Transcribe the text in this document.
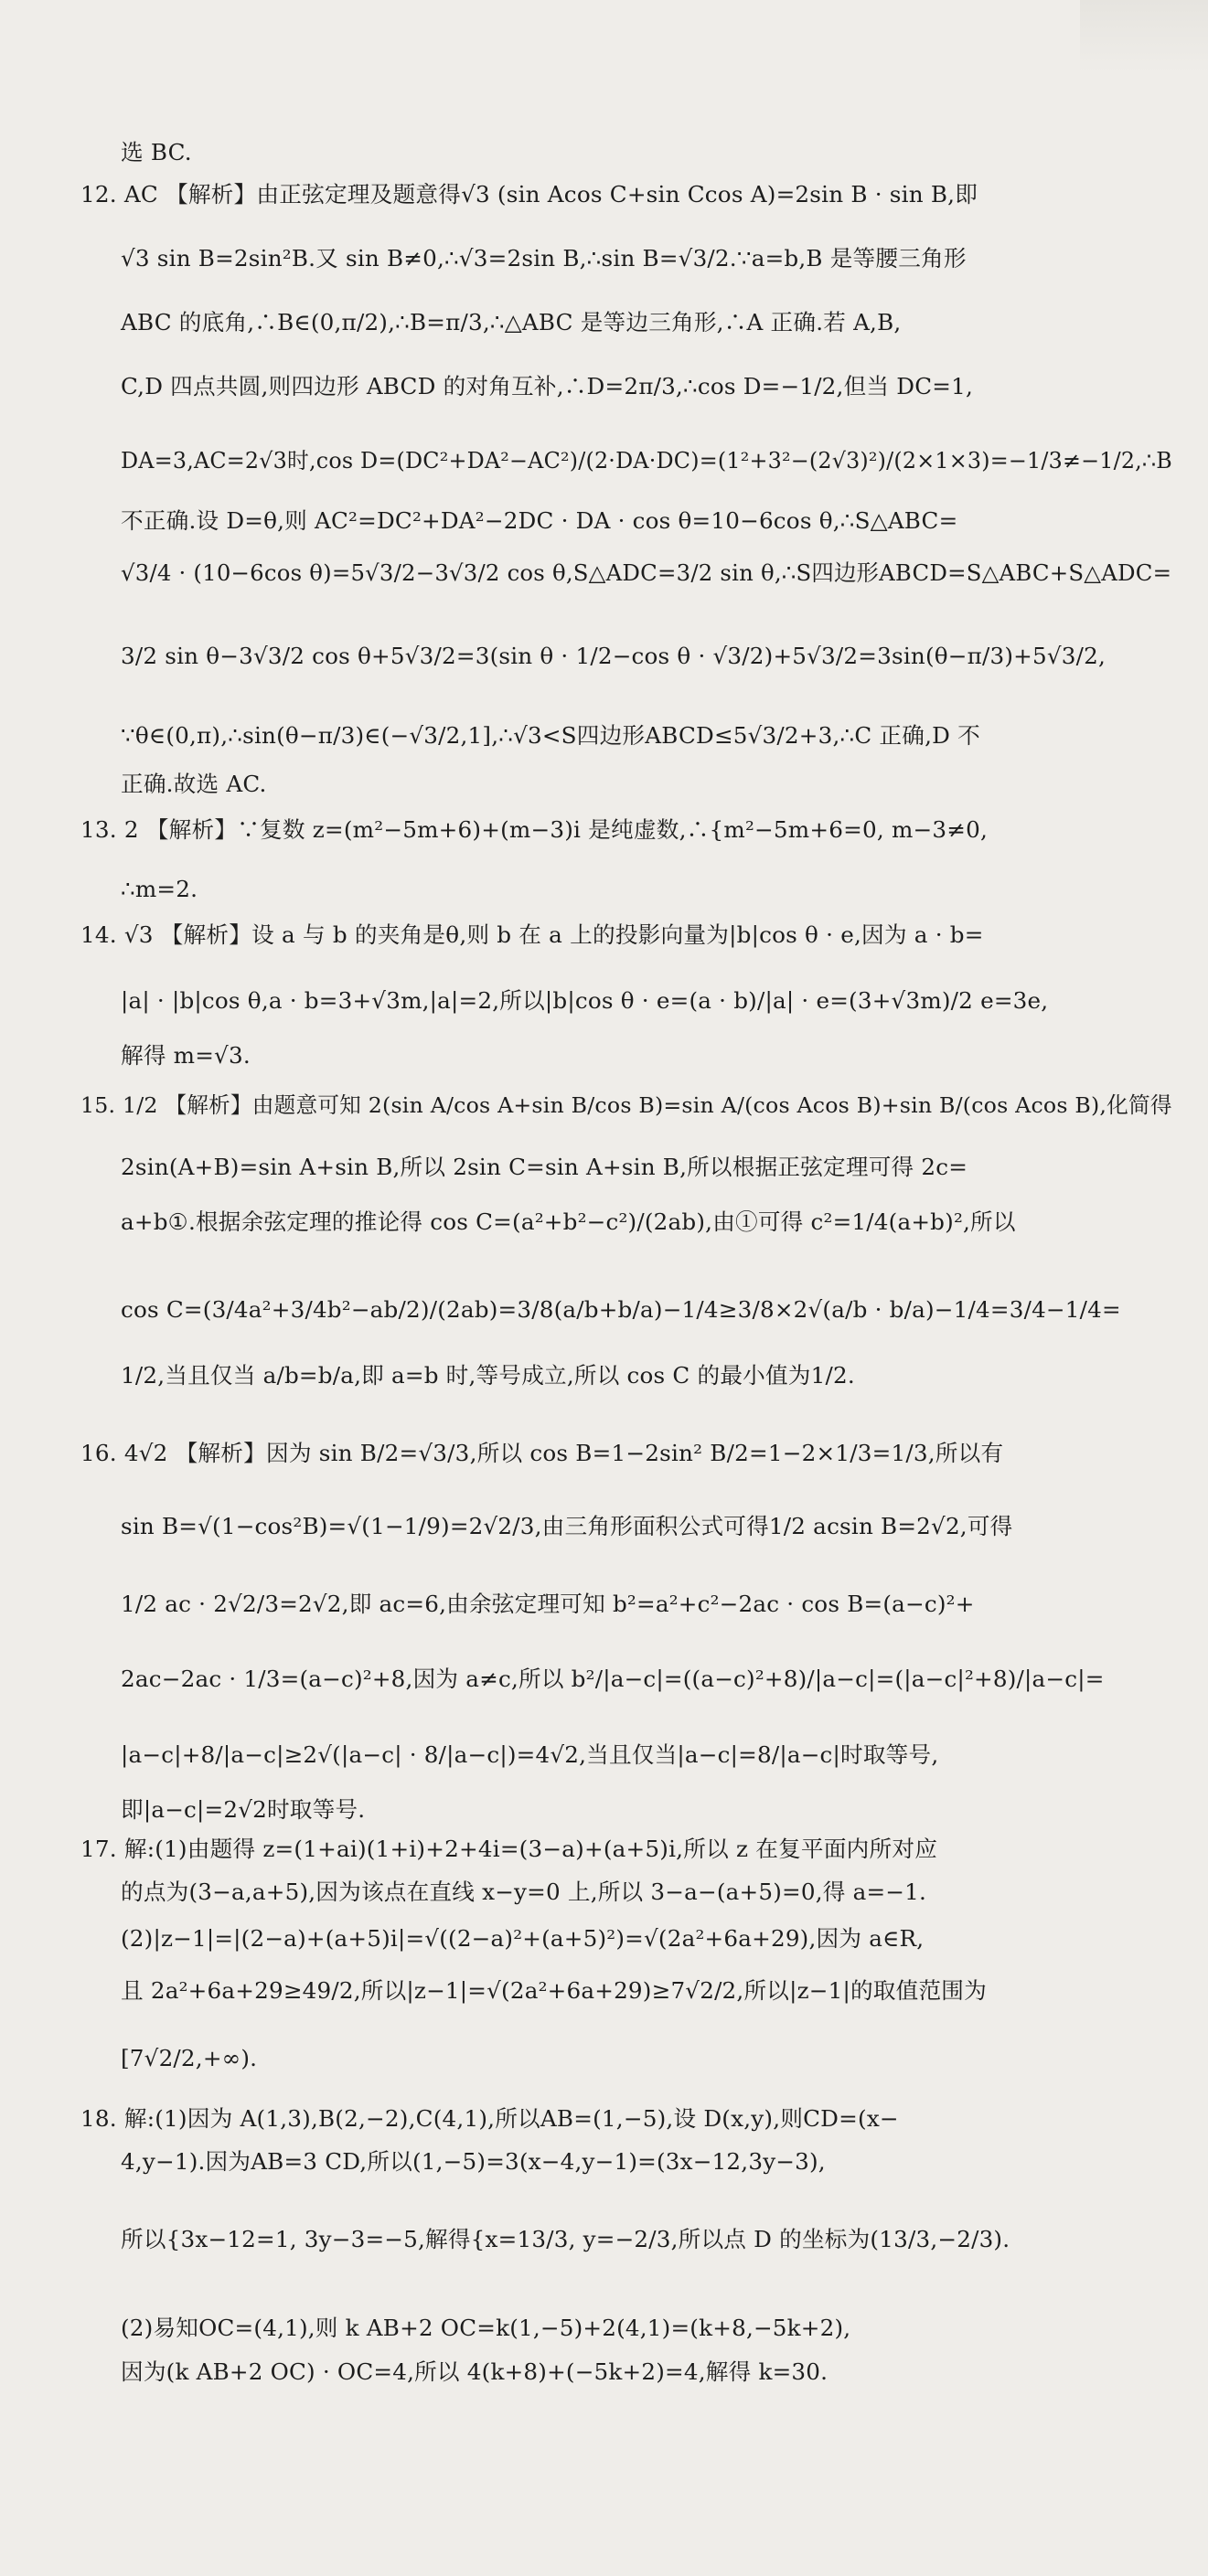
选 BC.
12. AC 【解析】由正弦定理及题意得√3 (sin Acos C+sin Ccos A)=2sin B · sin B,即
√3 sin B=2sin²B.又 sin B≠0,∴√3=2sin B,∴sin B=√3/2.∵a=b,B 是等腰三角形
ABC 的底角,∴B∈(0,π/2),∴B=π/3,∴△ABC 是等边三角形,∴A 正确.若 A,B,
C,D 四点共圆,则四边形 ABCD 的对角互补,∴D=2π/3,∴cos D=−1/2,但当 DC=1,
DA=3,AC=2√3时,cos D=(DC²+DA²−AC²)/(2·DA·DC)=(1²+3²−(2√3)²)/(2×1×3)=−1/3≠−1/2,∴B
不正确.设 D=θ,则 AC²=DC²+DA²−2DC · DA · cos θ=10−6cos θ,∴S△ABC=
√3/4 · (10−6cos θ)=5√3/2−3√3/2 cos θ,S△ADC=3/2 sin θ,∴S四边形ABCD=S△ABC+S△ADC=
3/2 sin θ−3√3/2 cos θ+5√3/2=3(sin θ · 1/2−cos θ · √3/2)+5√3/2=3sin(θ−π/3)+5√3/2,
∵θ∈(0,π),∴sin(θ−π/3)∈(−√3/2,1],∴√3<S四边形ABCD≤5√3/2+3,∴C 正确,D 不
正确.故选 AC.
13. 2 【解析】∵复数 z=(m²−5m+6)+(m−3)i 是纯虚数,∴{m²−5m+6=0, m−3≠0,
∴m=2.
14. √3 【解析】设 a 与 b 的夹角是θ,则 b 在 a 上的投影向量为|b|cos θ · e,因为 a · b=
|a| · |b|cos θ,a · b=3+√3m,|a|=2,所以|b|cos θ · e=(a · b)/|a| · e=(3+√3m)/2 e=3e,
解得 m=√3.
15. 1/2 【解析】由题意可知 2(sin A/cos A+sin B/cos B)=sin A/(cos Acos B)+sin B/(cos Acos B),化简得
2sin(A+B)=sin A+sin B,所以 2sin C=sin A+sin B,所以根据正弦定理可得 2c=
a+b①.根据余弦定理的推论得 cos C=(a²+b²−c²)/(2ab),由①可得 c²=1/4(a+b)²,所以
cos C=(3/4a²+3/4b²−ab/2)/(2ab)=3/8(a/b+b/a)−1/4≥3/8×2√(a/b · b/a)−1/4=3/4−1/4=
1/2,当且仅当 a/b=b/a,即 a=b 时,等号成立,所以 cos C 的最小值为1/2.
16. 4√2 【解析】因为 sin B/2=√3/3,所以 cos B=1−2sin² B/2=1−2×1/3=1/3,所以有
sin B=√(1−cos²B)=√(1−1/9)=2√2/3,由三角形面积公式可得1/2 acsin B=2√2,可得
1/2 ac · 2√2/3=2√2,即 ac=6,由余弦定理可知 b²=a²+c²−2ac · cos B=(a−c)²+
2ac−2ac · 1/3=(a−c)²+8,因为 a≠c,所以 b²/|a−c|=((a−c)²+8)/|a−c|=(|a−c|²+8)/|a−c|=
|a−c|+8/|a−c|≥2√(|a−c| · 8/|a−c|)=4√2,当且仅当|a−c|=8/|a−c|时取等号,
即|a−c|=2√2时取等号.
17. 解:(1)由题得 z=(1+ai)(1+i)+2+4i=(3−a)+(a+5)i,所以 z 在复平面内所对应
的点为(3−a,a+5),因为该点在直线 x−y=0 上,所以 3−a−(a+5)=0,得 a=−1.
(2)|z−1|=|(2−a)+(a+5)i|=√((2−a)²+(a+5)²)=√(2a²+6a+29),因为 a∈R,
且 2a²+6a+29≥49/2,所以|z−1|=√(2a²+6a+29)≥7√2/2,所以|z−1|的取值范围为
[7√2/2,+∞).
18. 解:(1)因为 A(1,3),B(2,−2),C(4,1),所以AB=(1,−5),设 D(x,y),则CD=(x−
4,y−1).因为AB=3 CD,所以(1,−5)=3(x−4,y−1)=(3x−12,3y−3),
所以{3x−12=1, 3y−3=−5,解得{x=13/3, y=−2/3,所以点 D 的坐标为(13/3,−2/3).
(2)易知OC=(4,1),则 k AB+2 OC=k(1,−5)+2(4,1)=(k+8,−5k+2),
因为(k AB+2 OC) · OC=4,所以 4(k+8)+(−5k+2)=4,解得 k=30.
